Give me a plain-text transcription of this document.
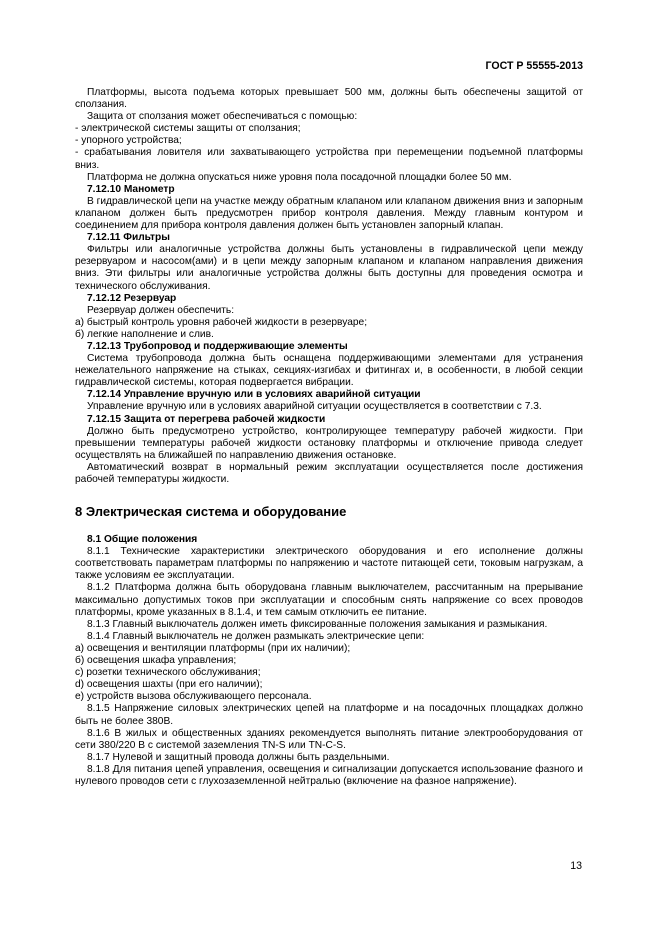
ГОСТ Р 55555-2013

Платформы, высота подъема которых превышает 500 мм, должны быть обеспечены защитой от сползания.

Защита от сползания может обеспечиваться с помощью:

- электрической системы защиты от сползания;

- упорного устройства;

- срабатывания ловителя или захватывающего устройства при перемещении подъемной платформы вниз.

Платформа не должна опускаться ниже уровня пола посадочной площадки более 50 мм.

7.12.10 Манометр

В гидравлической цепи на участке между обратным клапаном или клапаном движения вниз и запорным клапаном должен быть предусмотрен прибор контроля давления. Между главным контуром и соединением для прибора контроля давления должен быть установлен запорный клапан.

7.12.11 Фильтры

Фильтры или аналогичные устройства должны быть установлены в гидравлической цепи между резервуаром и насосом(ами) и в цепи между запорным клапаном и клапаном направления движения вниз. Эти фильтры или аналогичные устройства должны быть доступны для проведения осмотра и технического обслуживания.

7.12.12 Резервуар

Резервуар должен обеспечить:

а) быстрый контроль уровня рабочей жидкости в резервуаре;

б) легкие наполнение и слив.

7.12.13 Трубопровод и поддерживающие элементы

Система трубопровода должна быть оснащена поддерживающими элементами для устранения нежелательного напряжение на стыках, секциях-изгибах и фитингах и, в особенности, в любой секции гидравлической системы, которая подвергается вибрации.

7.12.14 Управление вручную или в условиях аварийной ситуации

Управление вручную или в условиях аварийной ситуации осуществляется в соответствии с 7.3.

7.12.15 Защита от перегрева рабочей жидкости

Должно быть предусмотрено устройство, контролирующее температуру рабочей жидкости. При превышении температуры рабочей жидкости остановку платформы и отключение привода следует осуществлять на ближайшей по направлению движения остановке.

Автоматический возврат в нормальный режим эксплуатации осуществляется после достижения рабочей температуры жидкости.

8 Электрическая система и оборудование

8.1 Общие положения

8.1.1 Технические характеристики электрического оборудования и его исполнение должны соответствовать параметрам платформы по напряжению и частоте питающей сети, токовым нагрузкам, а также условиям ее эксплуатации.

8.1.2 Платформа должна быть оборудована главным выключателем, рассчитанным на прерывание максимально допустимых токов при эксплуатации и способным снять напряжение со всех проводов платформы, кроме указанных в 8.1.4, и тем самым отключить ее питание.

8.1.3 Главный выключатель должен иметь фиксированные положения замыкания и размыкания.

8.1.4 Главный выключатель не должен размыкать электрические цепи:

а) освещения и вентиляции платформы (при их наличии);

б) освещения шкафа управления;

с) розетки технического обслуживания;

d) освещения шахты (при его наличии);

е) устройств вызова обслуживающего персонала.

8.1.5 Напряжение силовых электрических цепей на платформе и на посадочных площадках должно быть не более 380В.

8.1.6 В жилых и общественных зданиях рекомендуется выполнять питание электрооборудования от сети 380/220 В с системой заземления TN-S или TN-C-S.

8.1.7 Нулевой и защитный провода должны быть раздельными.

8.1.8 Для питания цепей управления, освещения и сигнализации допускается использование фазного и нулевого проводов сети с глухозаземленной нейтралью (включение на фазное напряжение).

13
